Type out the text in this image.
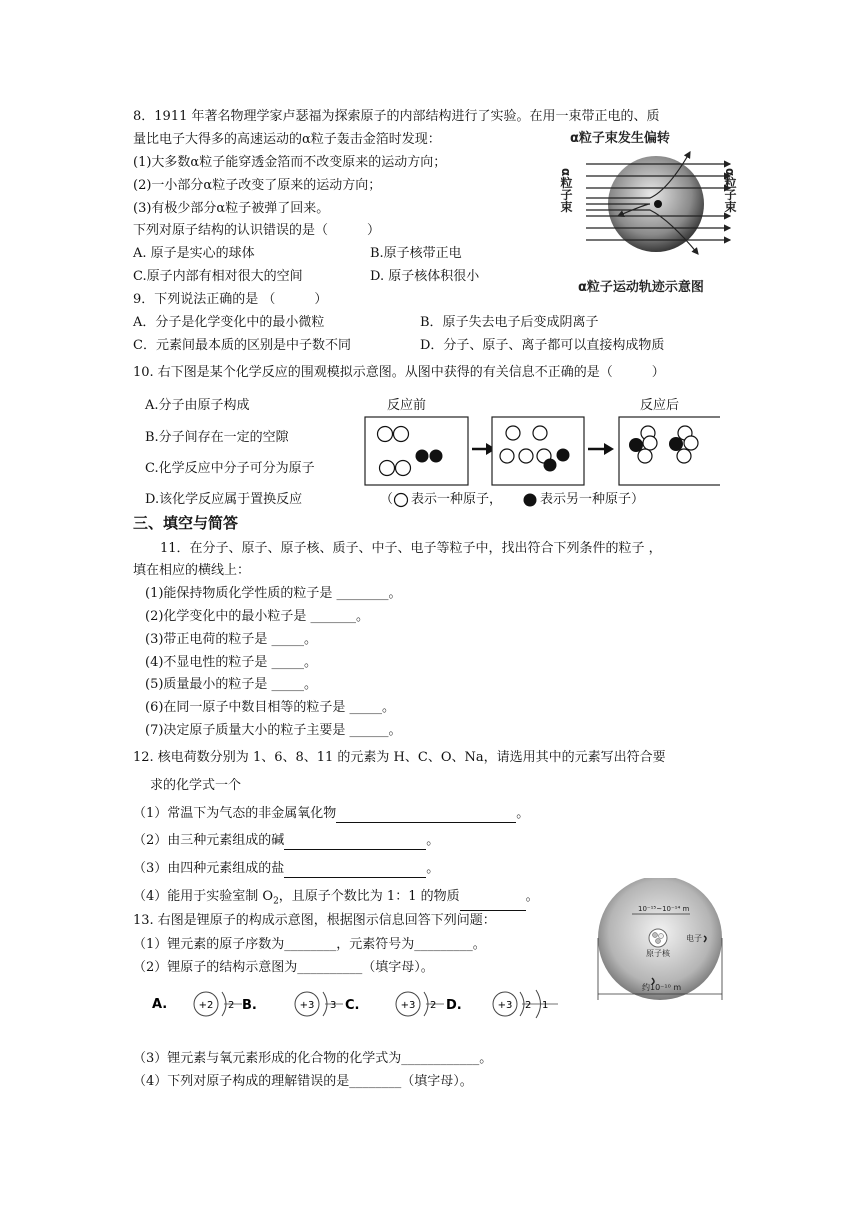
8．1911 年著名物理学家卢瑟福为探索原子的内部结构进行了实验。在用一束带正电的、质
量比电子大得多的高速运动的α粒子轰击金箔时发现：
(1)大多数α粒子能穿透金箔而不改变原来的运动方向；
(2)一小部分α粒子改变了原来的运动方向；
(3)有极少部分α粒子被弹了回来。
下列对原子结构的认识错误的是（　　　）
A. 原子是实心的球体	B.原子核带正电
C.原子内部有相对很大的空间	D. 原子核体积很小
α粒子束发生偏转
α粒子束	α粒子束
α粒子运动轨迹示意图
9．下列说法正确的是 （　　　）
A．分子是化学变化中的最小微粒	B．原子失去电子后变成阴离子
C．元素间最本质的区别是中子数不同	D．分子、原子、离子都可以直接构成物质
10. 右下图是某个化学反应的围观模拟示意图。从图中获得的有关信息不正确的是（　　　）
A.分子由原子构成
B.分子间存在一定的空隙
C.化学反应中分子可分为原子
D.该化学反应属于置换反应
反应前	反应后
（ 表示一种原子，	表示另一种原子）
三、填空与简答
11．在分子、原子、原子核、质子、中子、电子等粒子中，找出符合下列条件的粒子 ，
填在相应的横线上：
(1)能保持物质化学性质的粒子是 ________。
(2)化学变化中的最小粒子是 _______。
(3)带正电荷的粒子是 _____。
(4)不显电性的粒子是 _____。
(5)质量最小的粒子是 _____。
(6)在同一原子中数目相等的粒子是 _____。
(7)决定原子质量大小的粒子主要是 ______。
12. 核电荷数分别为 1、6、8、11 的元素为 H、C、O、Na，请选用其中的元素写出符合要
求的化学式一个
（1）常温下为气态的非金属氧化物	。
（2）由三种元素组成的碱	。
（3）由四种元素组成的盐	。
（4）能用于实验室制 $O_2$，且原子个数比为 1：1 的物质	。
13. 右图是锂原子的构成示意图，根据图示信息回答下列问题：
（1）锂元素的原子序数为________，元素符号为_________。
（2）锂原子的结构示意图为__________（填字母）。
A.	+2 2 B.	+3 3 C.	+3 2 D.	+3 2 1
（3）锂元素与氧元素形成的化合物的化学式为____________。
（4）下列对原子构成的理解错误的是________（填字母）。
10⁻¹⁵~10⁻¹⁴ m
原子核
电子
约10⁻¹⁰ m
